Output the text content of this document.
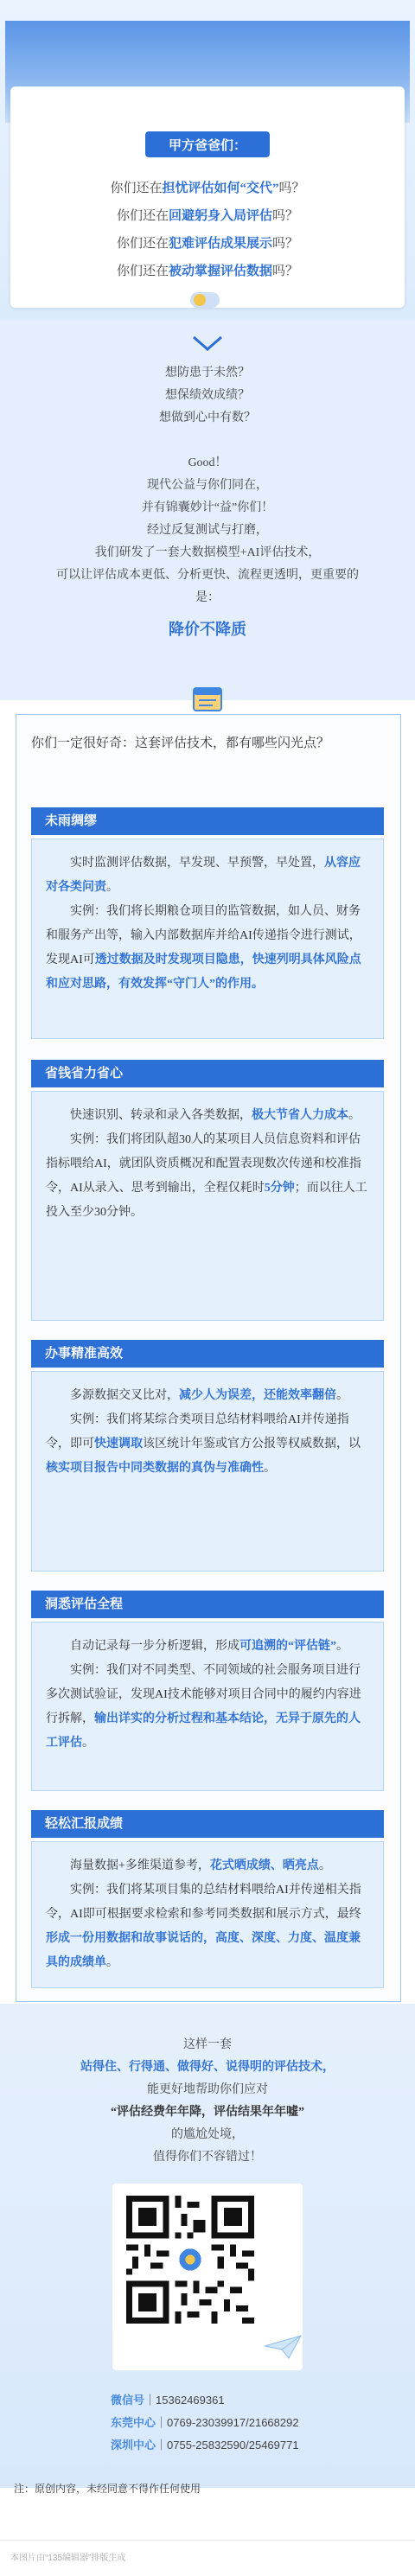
甲方爸爸们：
你们还在担忧评估如何“交代”吗？
你们还在回避躬身入局评估吗？
你们还在犯难评估成果展示吗？
你们还在被动掌握评估数据吗？
想防患于未然？
想保绩效成绩？
想做到心中有数？
Good！
现代公益与你们同在，
并有锦囊妙计“益”你们！
经过反复测试与打磨，
我们研发了一套大数据模型+AI评估技术，
可以让评估成本更低、分析更快、流程更透明，更重要的
是：
降价不降质
你们一定很好奇：这套评估技术，都有哪些闪光点？
未雨绸缪

实时监测评估数据，早发现、早预警，早处置，从容应对各类问责。

实例：我们将长期粮仓项目的监管数据，如人员、财务和服务产出等，输入内部数据库并给AI传递指令进行测试，发现AI可透过数据及时发现项目隐患，快速列明具体风险点和应对思路，有效发挥“守门人”的作用。

省钱省力省心

快速识别、转录和录入各类数据，极大节省人力成本。

实例：我们将团队超30人的某项目人员信息资料和评估指标喂给AI，就团队资质概况和配置表现数次传递和校准指令，AI从录入、思考到输出，全程仅耗时5分钟；而以往人工投入至少30分钟。

办事精准高效

多源数据交叉比对，减少人为误差，还能效率翻倍。

实例：我们将某综合类项目总结材料喂给AI并传递指令，即可快速调取该区统计年鉴或官方公报等权威数据，以核实项目报告中同类数据的真伪与准确性。

洞悉评估全程

自动记录每一步分析逻辑，形成可追溯的“评估链”。

实例：我们对不同类型、不同领域的社会服务项目进行多次测试验证，发现AI技术能够对项目合同中的履约内容进行拆解，输出详实的分析过程和基本结论，无异于原先的人工评估。

轻松汇报成绩

海量数据+多维渠道参考，花式晒成绩、晒亮点。

实例：我们将某项目集的总结材料喂给AI并传递相关指令，AI即可根据要求检索和参考同类数据和展示方式，最终形成一份用数据和故事说话的，高度、深度、力度、温度兼具的成绩单。

这样一套
站得住、行得通、做得好、说得明的评估技术，
能更好地帮助你们应对
“评估经费年年降，评估结果年年嘘”
的尴尬处境，
值得你们不容错过！
微信号｜15362469361
东莞中心｜0769-23039917/21668292
深圳中心｜0755-25832590/25469771
注：原创内容，未经同意不得作任何使用
本图片由“135编辑器”排版生成
